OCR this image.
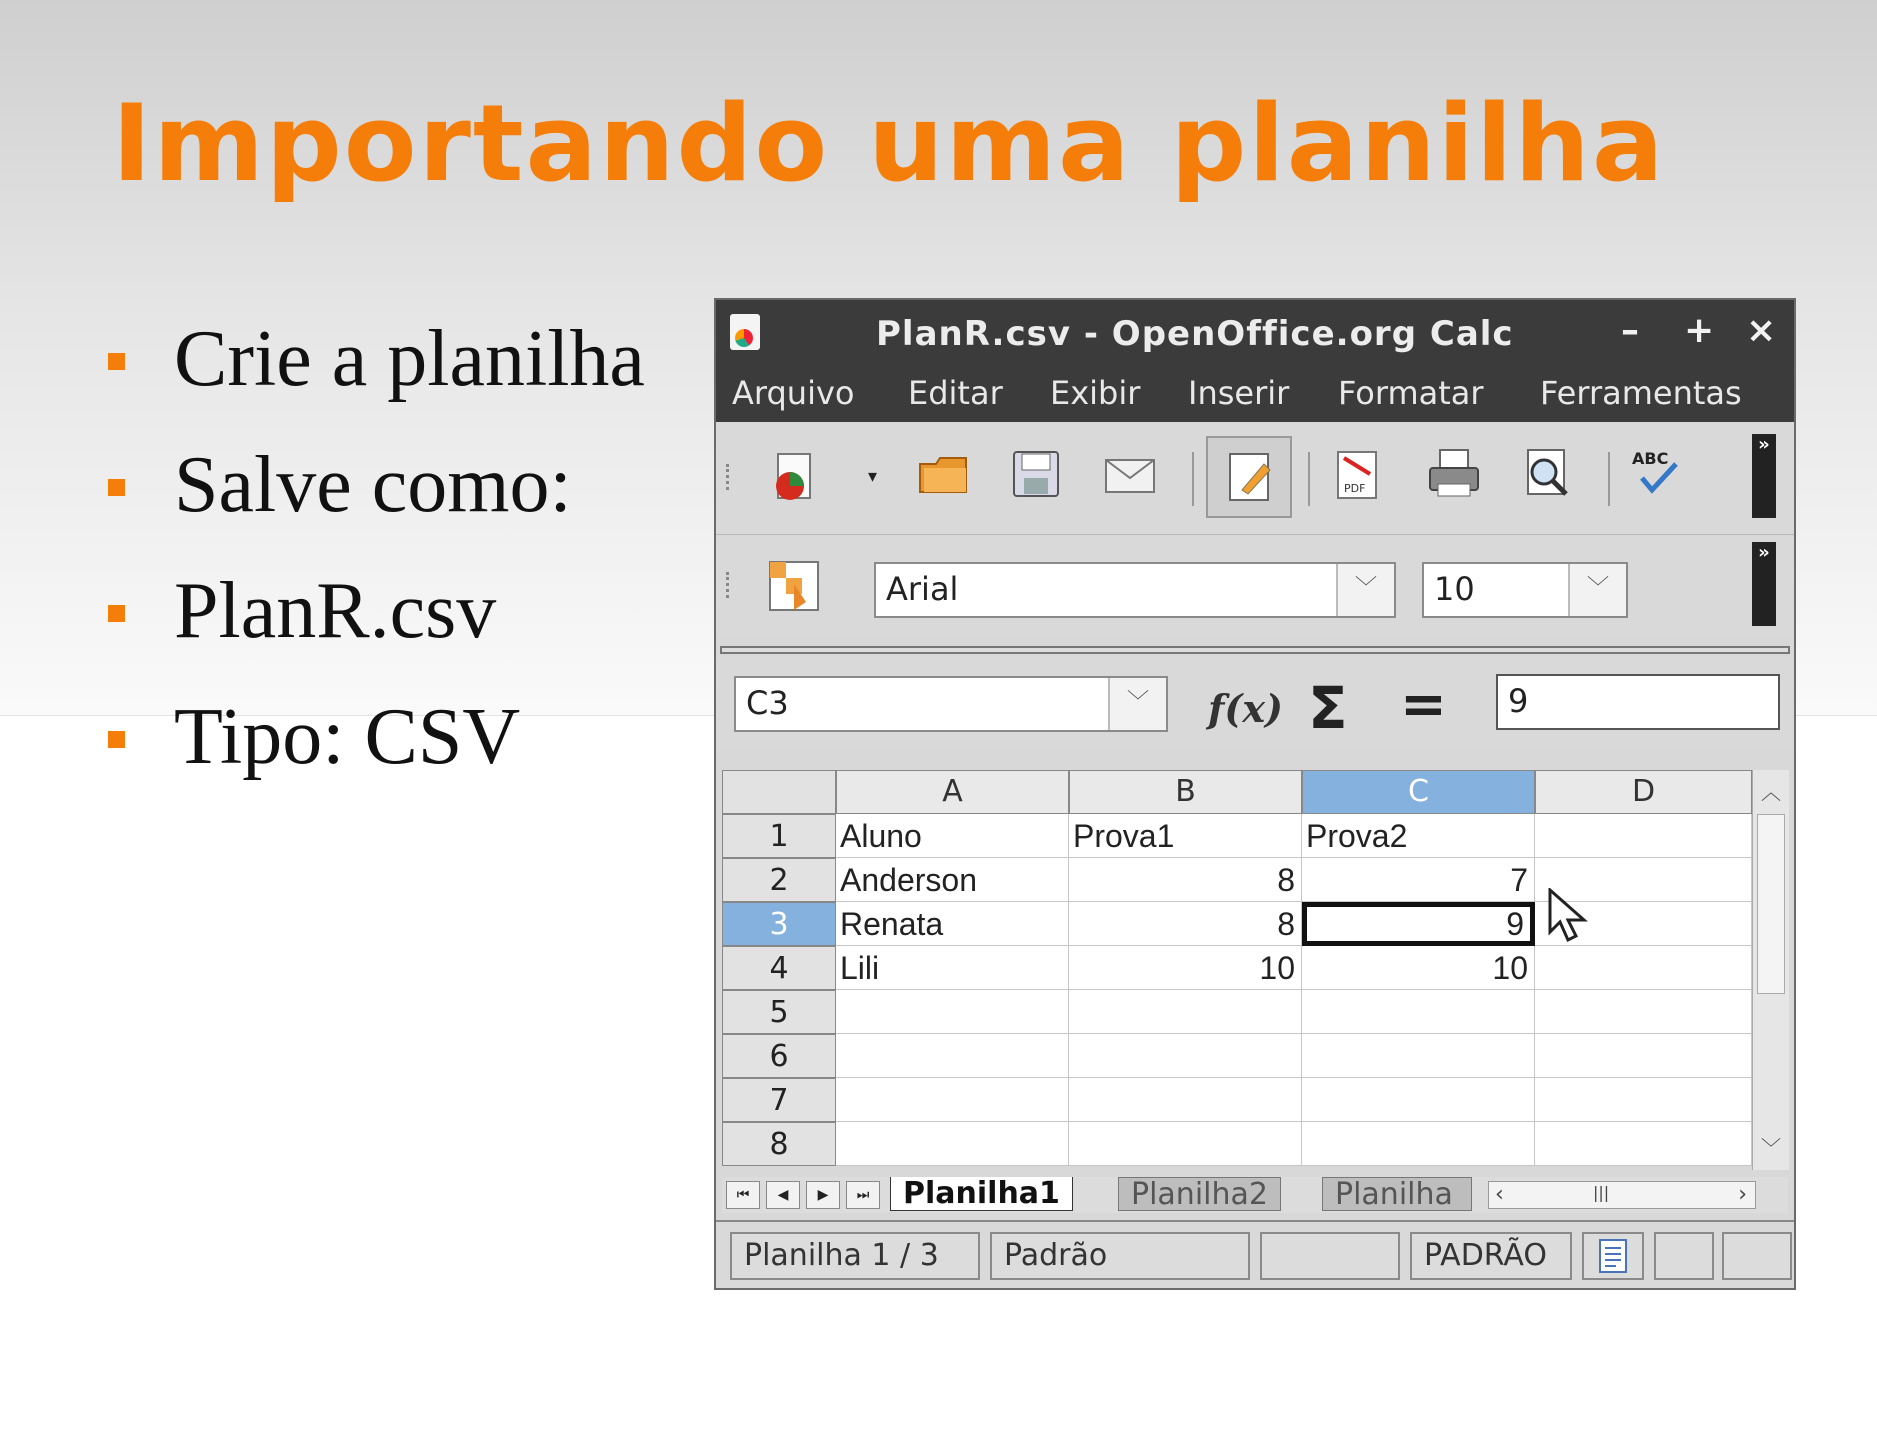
Importando uma planilha
Crie a planilha
Salve como:
PlanR.csv
Tipo: CSV
PlanR.csv - OpenOffice.org Calc	– + ×
Arquivo Editar Exibir Inserir Formatar Ferramentas
▾
PDF
ABC
»
Arial	﹀	10	﹀
»
C3	﹀	f(x) Σ = 9
A	B	C	D
1	Aluno	Prova1	Prova2
2	Anderson	8	7
3	Renata	8	9
4	Lili	10	10
5
6
7
8
︿
﹀
⏮	◀	▶	⏭	Planilha1	Planilha2	Planilha	‹	|||	›
Planilha 1 / 3	Padrão	PADRÃO
